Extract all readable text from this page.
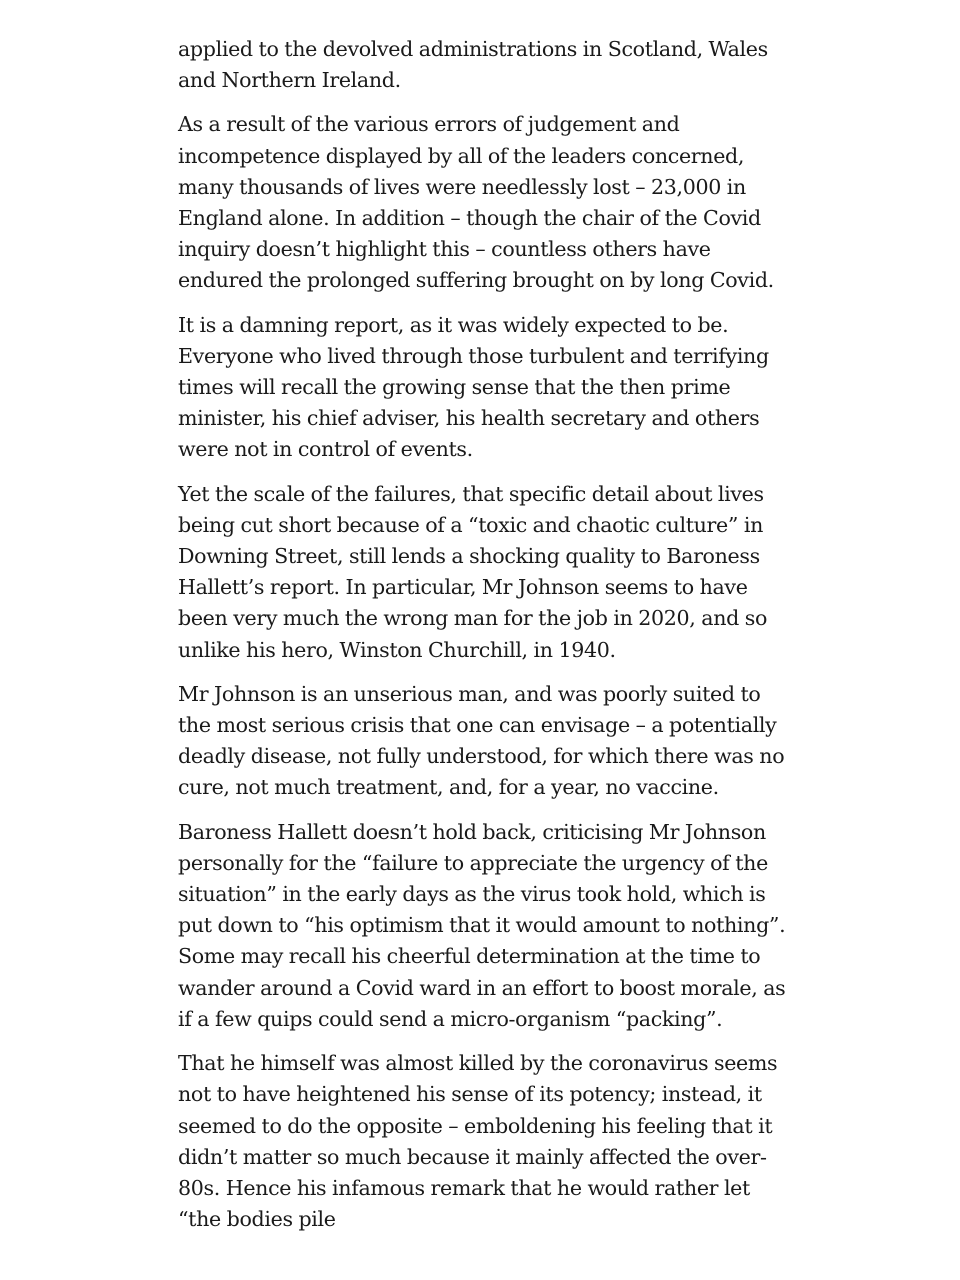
applied to the devolved administrations in Scotland, Wales and Northern Ireland.

As a result of the various errors of judgement and incompetence displayed by all of the leaders concerned, many thousands of lives were needlessly lost – 23,000 in England alone. In addition – though the chair of the Covid inquiry doesn’t highlight this – countless others have endured the prolonged suffering brought on by long Covid.

It is a damning report, as it was widely expected to be. Everyone who lived through those turbulent and terrifying times will recall the growing sense that the then prime minister, his chief adviser, his health secretary and others were not in control of events.

Yet the scale of the failures, that specific detail about lives being cut short because of a “toxic and chaotic culture” in Downing Street, still lends a shocking quality to Baroness Hallett’s report. In particular, Mr Johnson seems to have been very much the wrong man for the job in 2020, and so unlike his hero, Winston Churchill, in 1940.

Mr Johnson is an unserious man, and was poorly suited to the most serious crisis that one can envisage – a potentially deadly disease, not fully understood, for which there was no cure, not much treatment, and, for a year, no vaccine.

Baroness Hallett doesn’t hold back, criticising Mr Johnson personally for the “failure to appreciate the urgency of the situation” in the early days as the virus took hold, which is put down to “his optimism that it would amount to nothing”. Some may recall his cheerful determination at the time to wander around a Covid ward in an effort to boost morale, as if a few quips could send a micro-organism “packing”.

That he himself was almost killed by the coronavirus seems not to have heightened his sense of its potency; instead, it seemed to do the opposite – emboldening his feeling that it didn’t matter so much because it mainly affected the over-80s. Hence his infamous remark that he would rather let “the bodies pile
